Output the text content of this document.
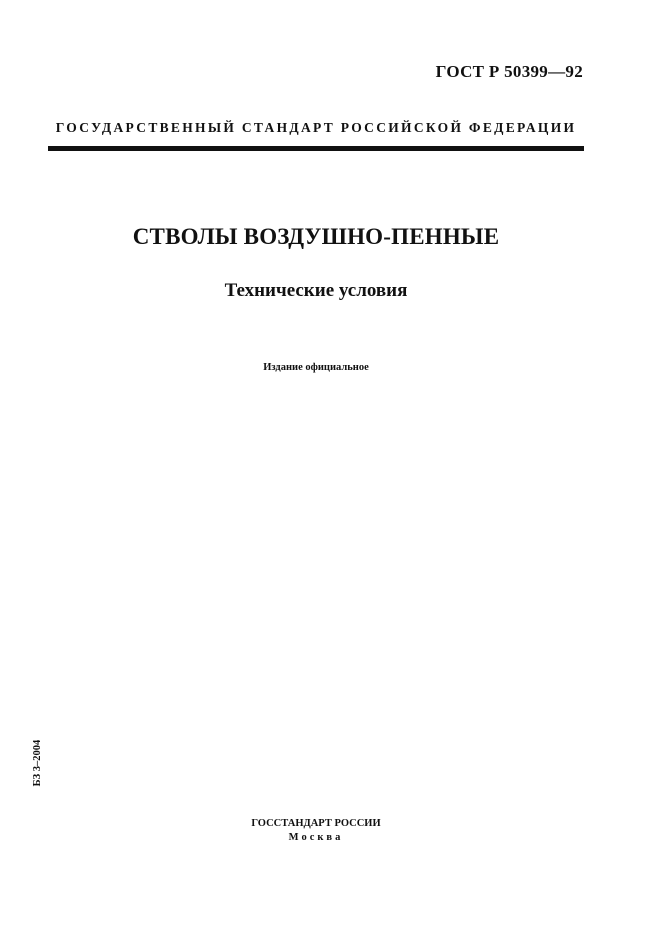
ГОСТ Р 50399—92
ГОСУДАРСТВЕННЫЙ СТАНДАРТ РОССИЙСКОЙ ФЕДЕРАЦИИ
СТВОЛЫ ВОЗДУШНО-ПЕННЫЕ
Технические условия
Издание официальное
БЗ 3–2004
ГОССТАНДАРТ РОССИИ
Москва
